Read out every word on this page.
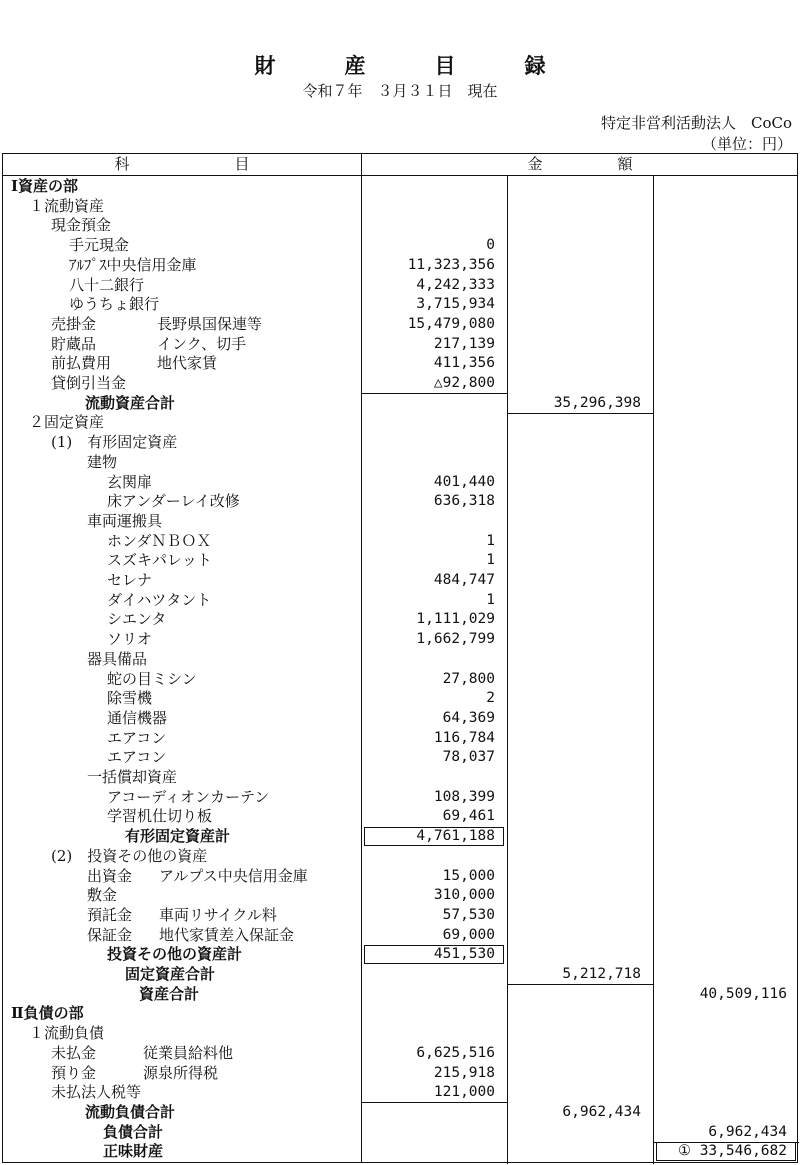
財　産　目　録
令和７年　３月３１日　現在
特定非営利活動法人　CoCo
（単位：円）
科　　　　　　　目	金　　　　　額
Ⅰ資産の部
１流動資産
現金預金
手元現金	0
ｱﾙﾌﾟｽ中央信用金庫	11,323,356
八十二銀行	4,242,333
ゆうちょ銀行	3,715,934
売掛金	長野県国保連等	15,479,080
貯蔵品	インク、切手	217,139
前払費用	地代家賃	411,356
貸倒引当金	△92,800
流動資産合計	35,296,398
２固定資産
(1)　有形固定資産
建物
玄関扉	401,440
床アンダーレイ改修	636,318
車両運搬具
ホンダＮＢＯＸ	1
スズキパレット	1
セレナ	484,747
ダイハツタント	1
シエンタ	1,111,029
ソリオ	1,662,799
器具備品
蛇の目ミシン	27,800
除雪機	2
通信機器	64,369
エアコン	116,784
エアコン	78,037
一括償却資産
アコーディオンカーテン	108,399
学習机仕切り板	69,461
有形固定資産計	4,761,188
(2)　投資その他の資産
出資金 アルプス中央信用金庫	15,000
敷金	310,000
預託金 車両リサイクル料	57,530
保証金 地代家賃差入保証金	69,000
投資その他の資産計	451,530
固定資産合計	5,212,718
資産合計	40,509,116
Ⅱ負債の部
１流動負債
未払金	従業員給料他	6,625,516
預り金	源泉所得税	215,918
未払法人税等	121,000
流動負債合計	6,962,434
負債合計	6,962,434
正味財産	① 33,546,682
